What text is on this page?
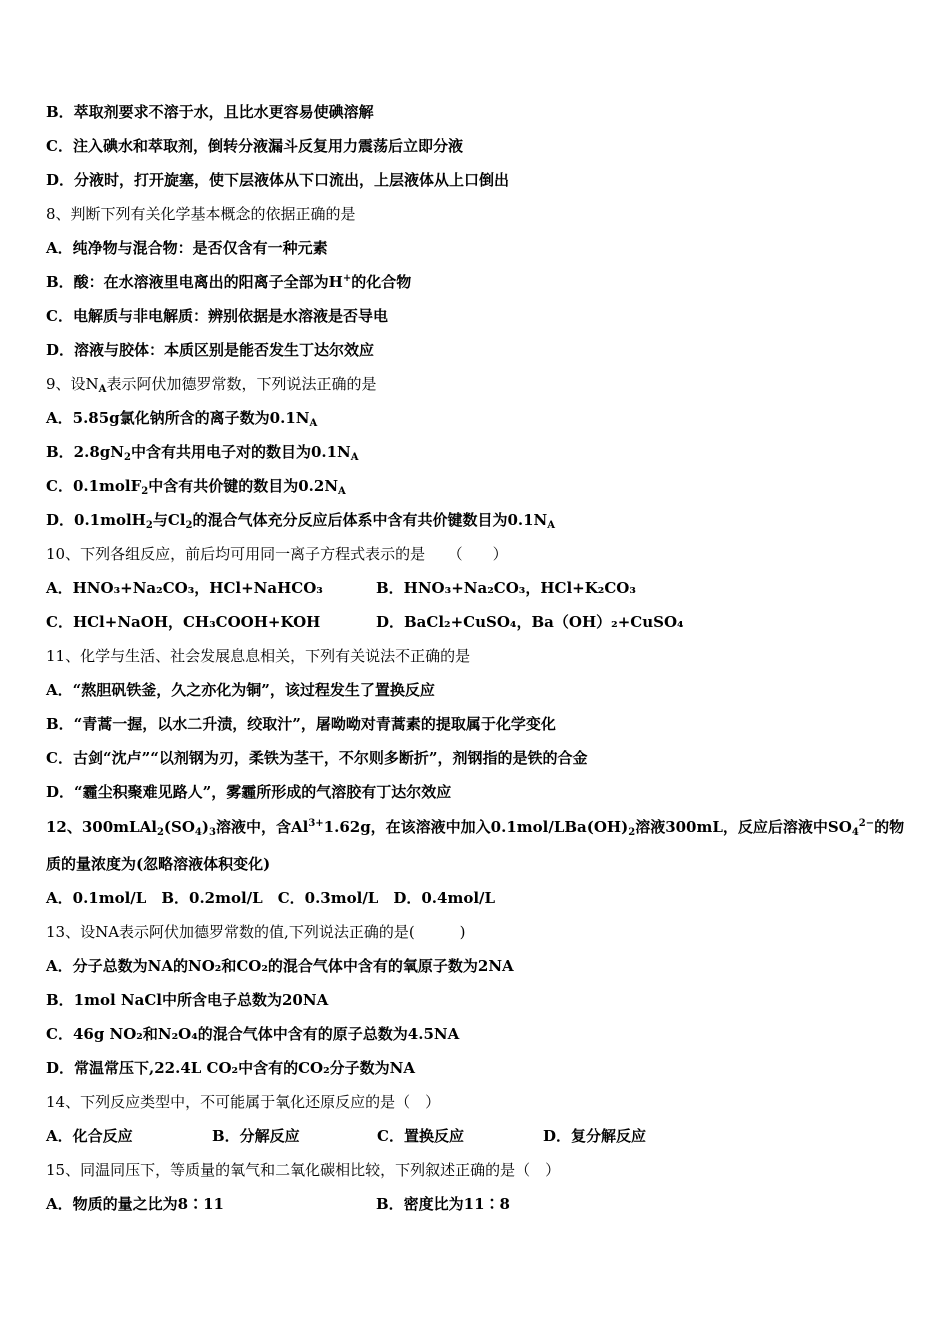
B．萃取剂要求不溶于水，且比水更容易使碘溶解
C．注入碘水和萃取剂，倒转分液漏斗反复用力震荡后立即分液
D．分液时，打开旋塞，使下层液体从下口流出，上层液体从上口倒出
8、判断下列有关化学基本概念的依据正确的是
A．纯净物与混合物：是否仅含有一种元素
B．酸：在水溶液里电离出的阳离子全部为H+的化合物
C．电解质与非电解质：辨别依据是水溶液是否导电
D．溶液与胶体：本质区别是能否发生丁达尔效应
9、设$N_A$表示阿伏加德罗常数，下列说法正确的是
A．5.85g氯化钠所含的离子数为$0.1N_A$
B．$2.8gN_2$中含有共用电子对的数目为$0.1N_A$
C．0.1molF$_2$中含有共价键的数目为$0.2N_A$
D．0.1molH$_2$与$Cl_2$的混合气体充分反应后体系中含有共价键数目为$0.1N_A$
10、下列各组反应，前后均可用同一离子方程式表示的是　　（　　）
A．HNO₃+Na₂CO₃，HCl+NaHCO₃	B．HNO₃+Na₂CO₃，HCl+K₂CO₃
C．HCl+NaOH，CH₃COOH+KOH	D．BaCl₂+CuSO₄，Ba（OH）₂+CuSO₄
11、化学与生活、社会发展息息相关，下列有关说法不正确的是
A．“熬胆矾铁釜，久之亦化为铜”，该过程发生了置换反应
B．“青蒿一握，以水二升渍，绞取汁”，屠呦呦对青蒿素的提取属于化学变化
C．古剑“沈卢”“以剂钢为刃，柔铁为茎干，不尔则多断折”，剂钢指的是铁的合金
D．“霾尘积聚难见路人”，雾霾所形成的气溶胶有丁达尔效应
12、$300mLAl_2(SO_4)_3$溶液中，含$Al^{3+}1.62g$，在该溶液中加入$0.1mol/LBa(OH)_2$溶液300mL，反应后溶液中$SO_4^{2-}$的物
质的量浓度为(忽略溶液体积变化)
A．0.1mol/L　B．0.2mol/L　C．0.3mol/L　D．0.4mol/L
13、设NA表示阿伏加德罗常数的值,下列说法正确的是(　　　)
A．分子总数为NA的NO₂和CO₂的混合气体中含有的氧原子数为2NA
B．1mol NaCl中所含电子总数为20NA
C．46g NO₂和N₂O₄的混合气体中含有的原子总数为4.5NA
D．常温常压下,22.4L CO₂中含有的CO₂分子数为NA
14、下列反应类型中，不可能属于氧化还原反应的是（　）
A．化合反应	B．分解反应	C．置换反应	D．复分解反应
15、同温同压下，等质量的氧气和二氧化碳相比较，下列叙述正确的是（　）
A．物质的量之比为8∶11	B．密度比为11∶8
